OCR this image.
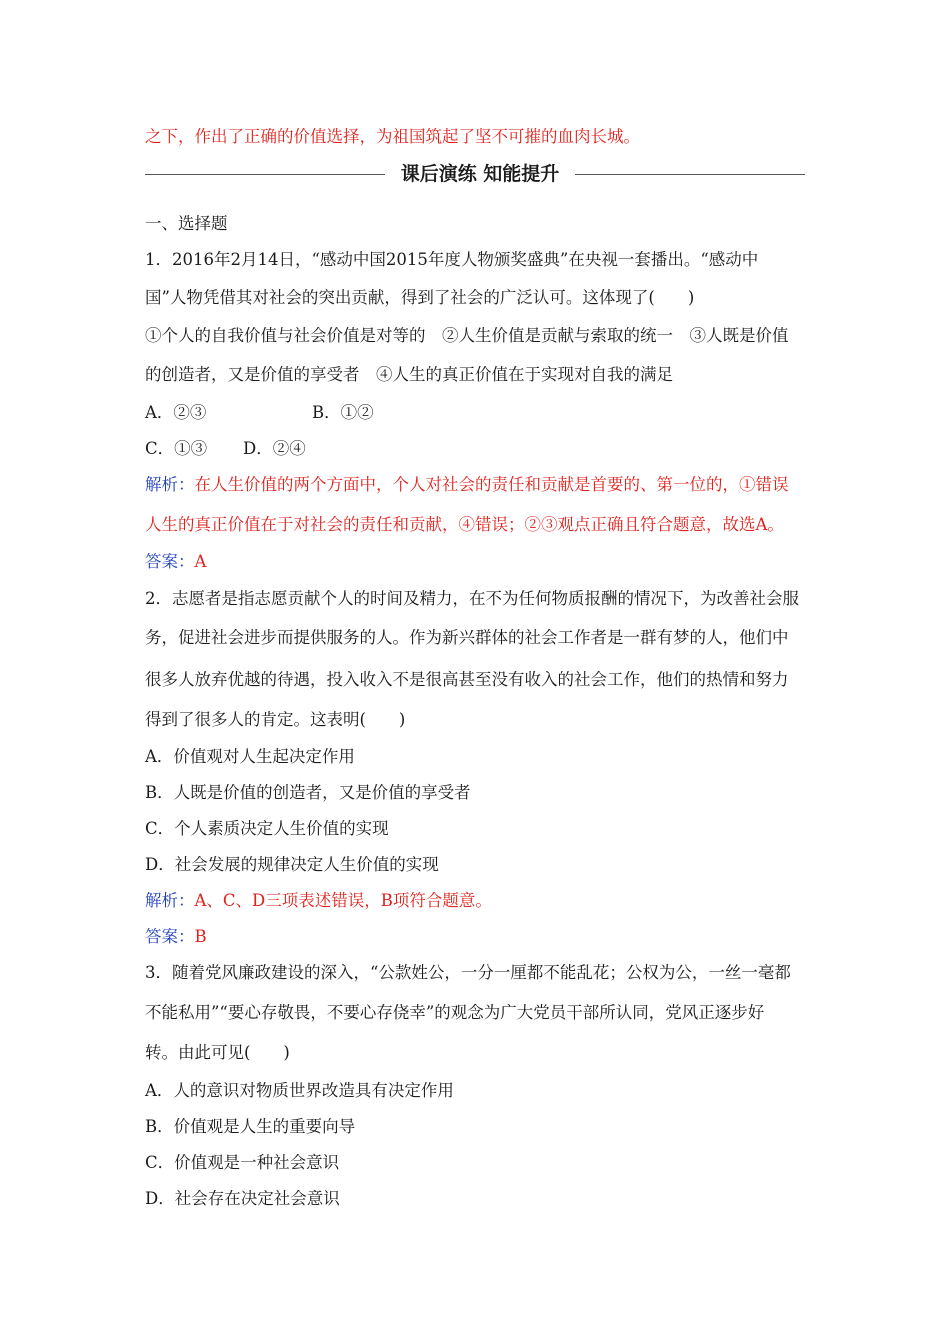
之下，作出了正确的价值选择，为祖国筑起了坚不可摧的血肉长城。
课后演练 知能提升
一、选择题
1．2016年2月14日，“感动中国2015年度人物颁奖盛典”在央视一套播出。“感动中
国”人物凭借其对社会的突出贡献，得到了社会的广泛认可。这体现了(　　)
①个人的自我价值与社会价值是对等的　②人生价值是贡献与索取的统一　③人既是价值
的创造者，又是价值的享受者　④人生的真正价值在于实现对自我的满足
A．②③	B．①②
C．①③ D．②④
解析：在人生价值的两个方面中，个人对社会的责任和贡献是首要的、第一位的，①错误
人生的真正价值在于对社会的责任和贡献，④错误；②③观点正确且符合题意，故选A。
答案：A
2．志愿者是指志愿贡献个人的时间及精力，在不为任何物质报酬的情况下，为改善社会服
务，促进社会进步而提供服务的人。作为新兴群体的社会工作者是一群有梦的人，他们中
很多人放弃优越的待遇，投入收入不是很高甚至没有收入的社会工作，他们的热情和努力
得到了很多人的肯定。这表明(　　)
A．价值观对人生起决定作用
B．人既是价值的创造者，又是价值的享受者
C．个人素质决定人生价值的实现
D．社会发展的规律决定人生价值的实现
解析：A、C、D三项表述错误，B项符合题意。
答案：B
3．随着党风廉政建设的深入，“公款姓公，一分一厘都不能乱花；公权为公，一丝一毫都
不能私用”“要心存敬畏，不要心存侥幸”的观念为广大党员干部所认同，党风正逐步好
转。由此可见(　　)
A．人的意识对物质世界改造具有决定作用
B．价值观是人生的重要向导
C．价值观是一种社会意识
D．社会存在决定社会意识
